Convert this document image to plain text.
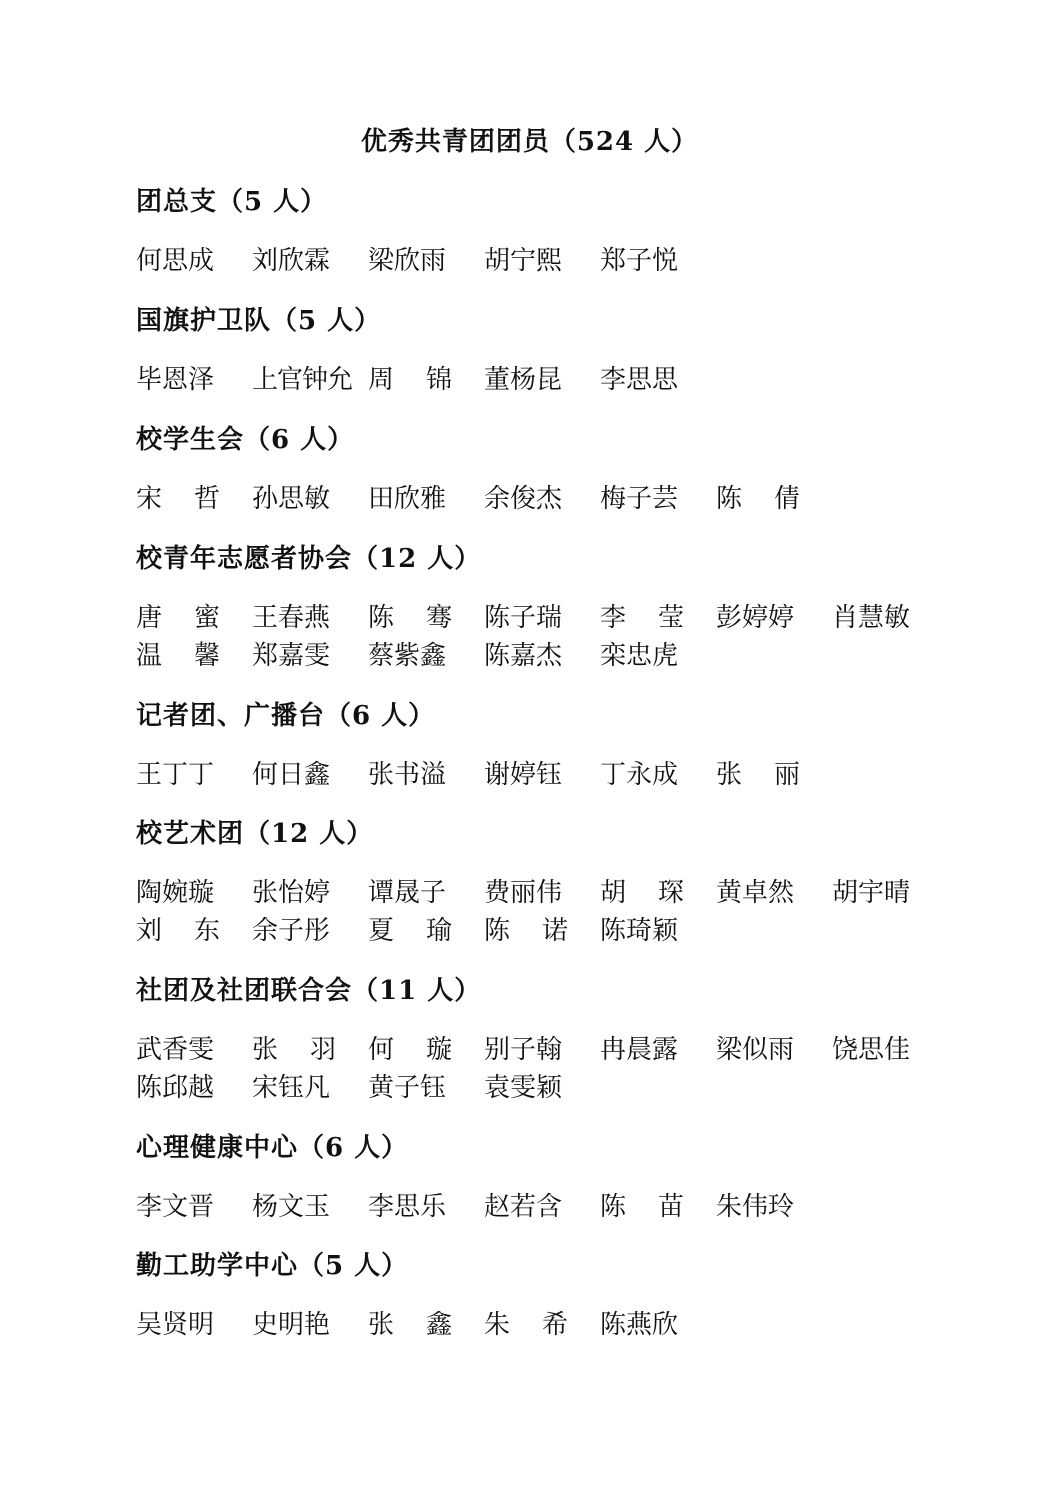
优秀共青团团员（524 人）
团总支（5 人）
何思成 刘欣霖 梁欣雨 胡宁熙 郑子悦
国旗护卫队（5 人）
毕恩泽 上官钟允 周 锦 董杨昆 李思思
校学生会（6 人）
宋 哲 孙思敏 田欣雅 余俊杰 梅子芸 陈 倩
校青年志愿者协会（12 人）
唐 蜜 王春燕 陈 骞 陈子瑞 李 莹 彭婷婷 肖慧敏
温 馨 郑嘉雯 蔡紫鑫 陈嘉杰 栾忠虎
记者团、广播台（6 人）
王丁丁 何日鑫 张书溢 谢婷钰 丁永成 张 丽
校艺术团（12 人）
陶婉璇 张怡婷 谭晟子 费丽伟 胡 琛 黄卓然 胡宇晴
刘 东 余子彤 夏 瑜 陈 诺 陈琦颖
社团及社团联合会（11 人）
武香雯 张 羽 何 璇 别子翰 冉晨露 梁似雨 饶思佳
陈邱越 宋钰凡 黄子钰 袁雯颖
心理健康中心（6 人）
李文晋 杨文玉 李思乐 赵若含 陈 苗 朱伟玲
勤工助学中心（5 人）
吴贤明 史明艳 张 鑫 朱 希 陈燕欣
